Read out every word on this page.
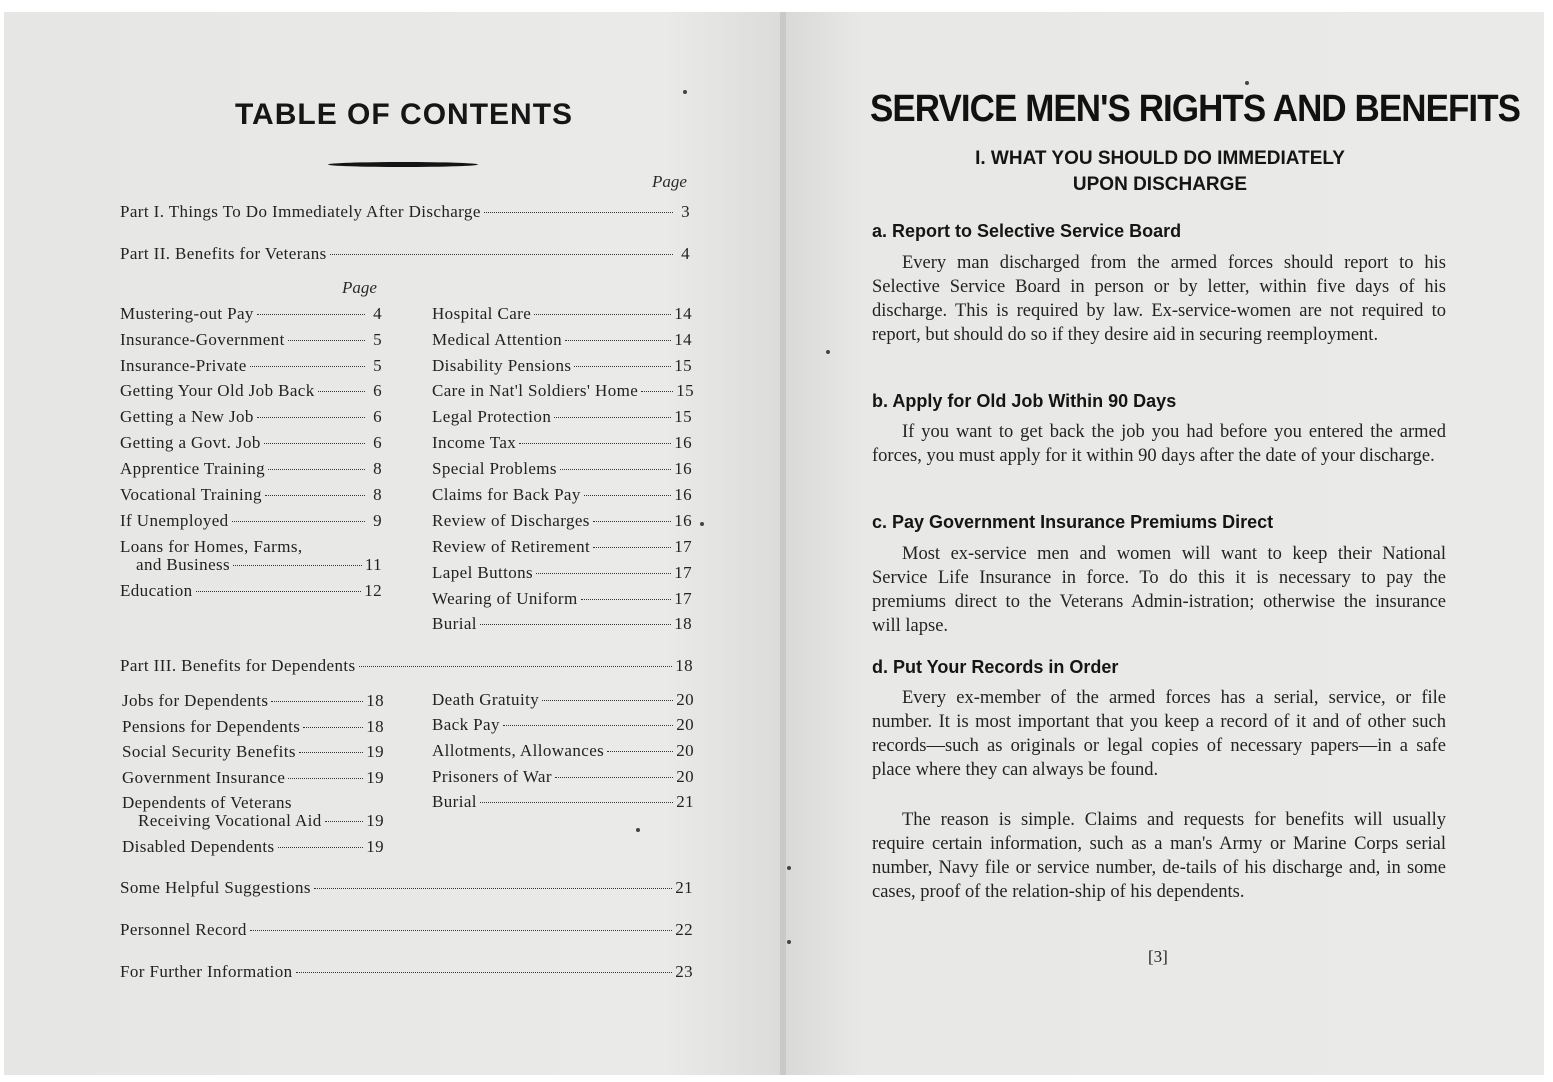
TABLE OF CONTENTS
Page
Part I. Things To Do Immediately After Discharge	3
Part II. Benefits for Veterans	4
Page
Mustering-out Pay	4
Insurance-Government	5
Insurance-Private	5
Getting Your Old Job Back	6
Getting a New Job	6
Getting a Govt. Job	6
Apprentice Training	8
Vocational Training	8
If Unemployed	9
Loans for Homes, Farms,
and Business	11
Education	12
Hospital Care	14
Medical Attention	14
Disability Pensions	15
Care in Nat'l Soldiers' Home 15
Legal Protection	15
Income Tax	16
Special Problems	16
Claims for Back Pay	16
Review of Discharges	16
Review of Retirement	17
Lapel Buttons	17
Wearing of Uniform	17
Burial	18
Part III. Benefits for Dependents	18
Jobs for Dependents	18
Pensions for Dependents	18
Social Security Benefits	19
Government Insurance	19
Dependents of Veterans
Receiving Vocational Aid	19
Disabled Dependents	19
Death Gratuity	20
Back Pay	20
Allotments, Allowances	20
Prisoners of War	20
Burial	21
Some Helpful Suggestions	21
Personnel Record	22
For Further Information	23
SERVICE MEN'S RIGHTS AND BENEFITS
I. WHAT YOU SHOULD DO IMMEDIATELY
UPON DISCHARGE
a. Report to Selective Service Board

Every man discharged from the armed forces should report to his Selective Service Board in person or by letter, within five days of his discharge. This is required by law. Ex-service-women are not required to report, but should do so if they desire aid in securing reemployment.

b. Apply for Old Job Within 90 Days

If you want to get back the job you had before you entered the armed forces, you must apply for it within 90 days after the date of your discharge.

c. Pay Government Insurance Premiums Direct

Most ex-service men and women will want to keep their National Service Life Insurance in force. To do this it is necessary to pay the premiums direct to the Veterans Admin-istration; otherwise the insurance will lapse.

d. Put Your Records in Order

Every ex-member of the armed forces has a serial, service, or file number. It is most important that you keep a record of it and of other such records—such as originals or legal copies of necessary papers—in a safe place where they can always be found.

The reason is simple. Claims and requests for benefits will usually require certain information, such as a man's Army or Marine Corps serial number, Navy file or service number, de-tails of his discharge and, in some cases, proof of the relation-ship of his dependents.

[3]
